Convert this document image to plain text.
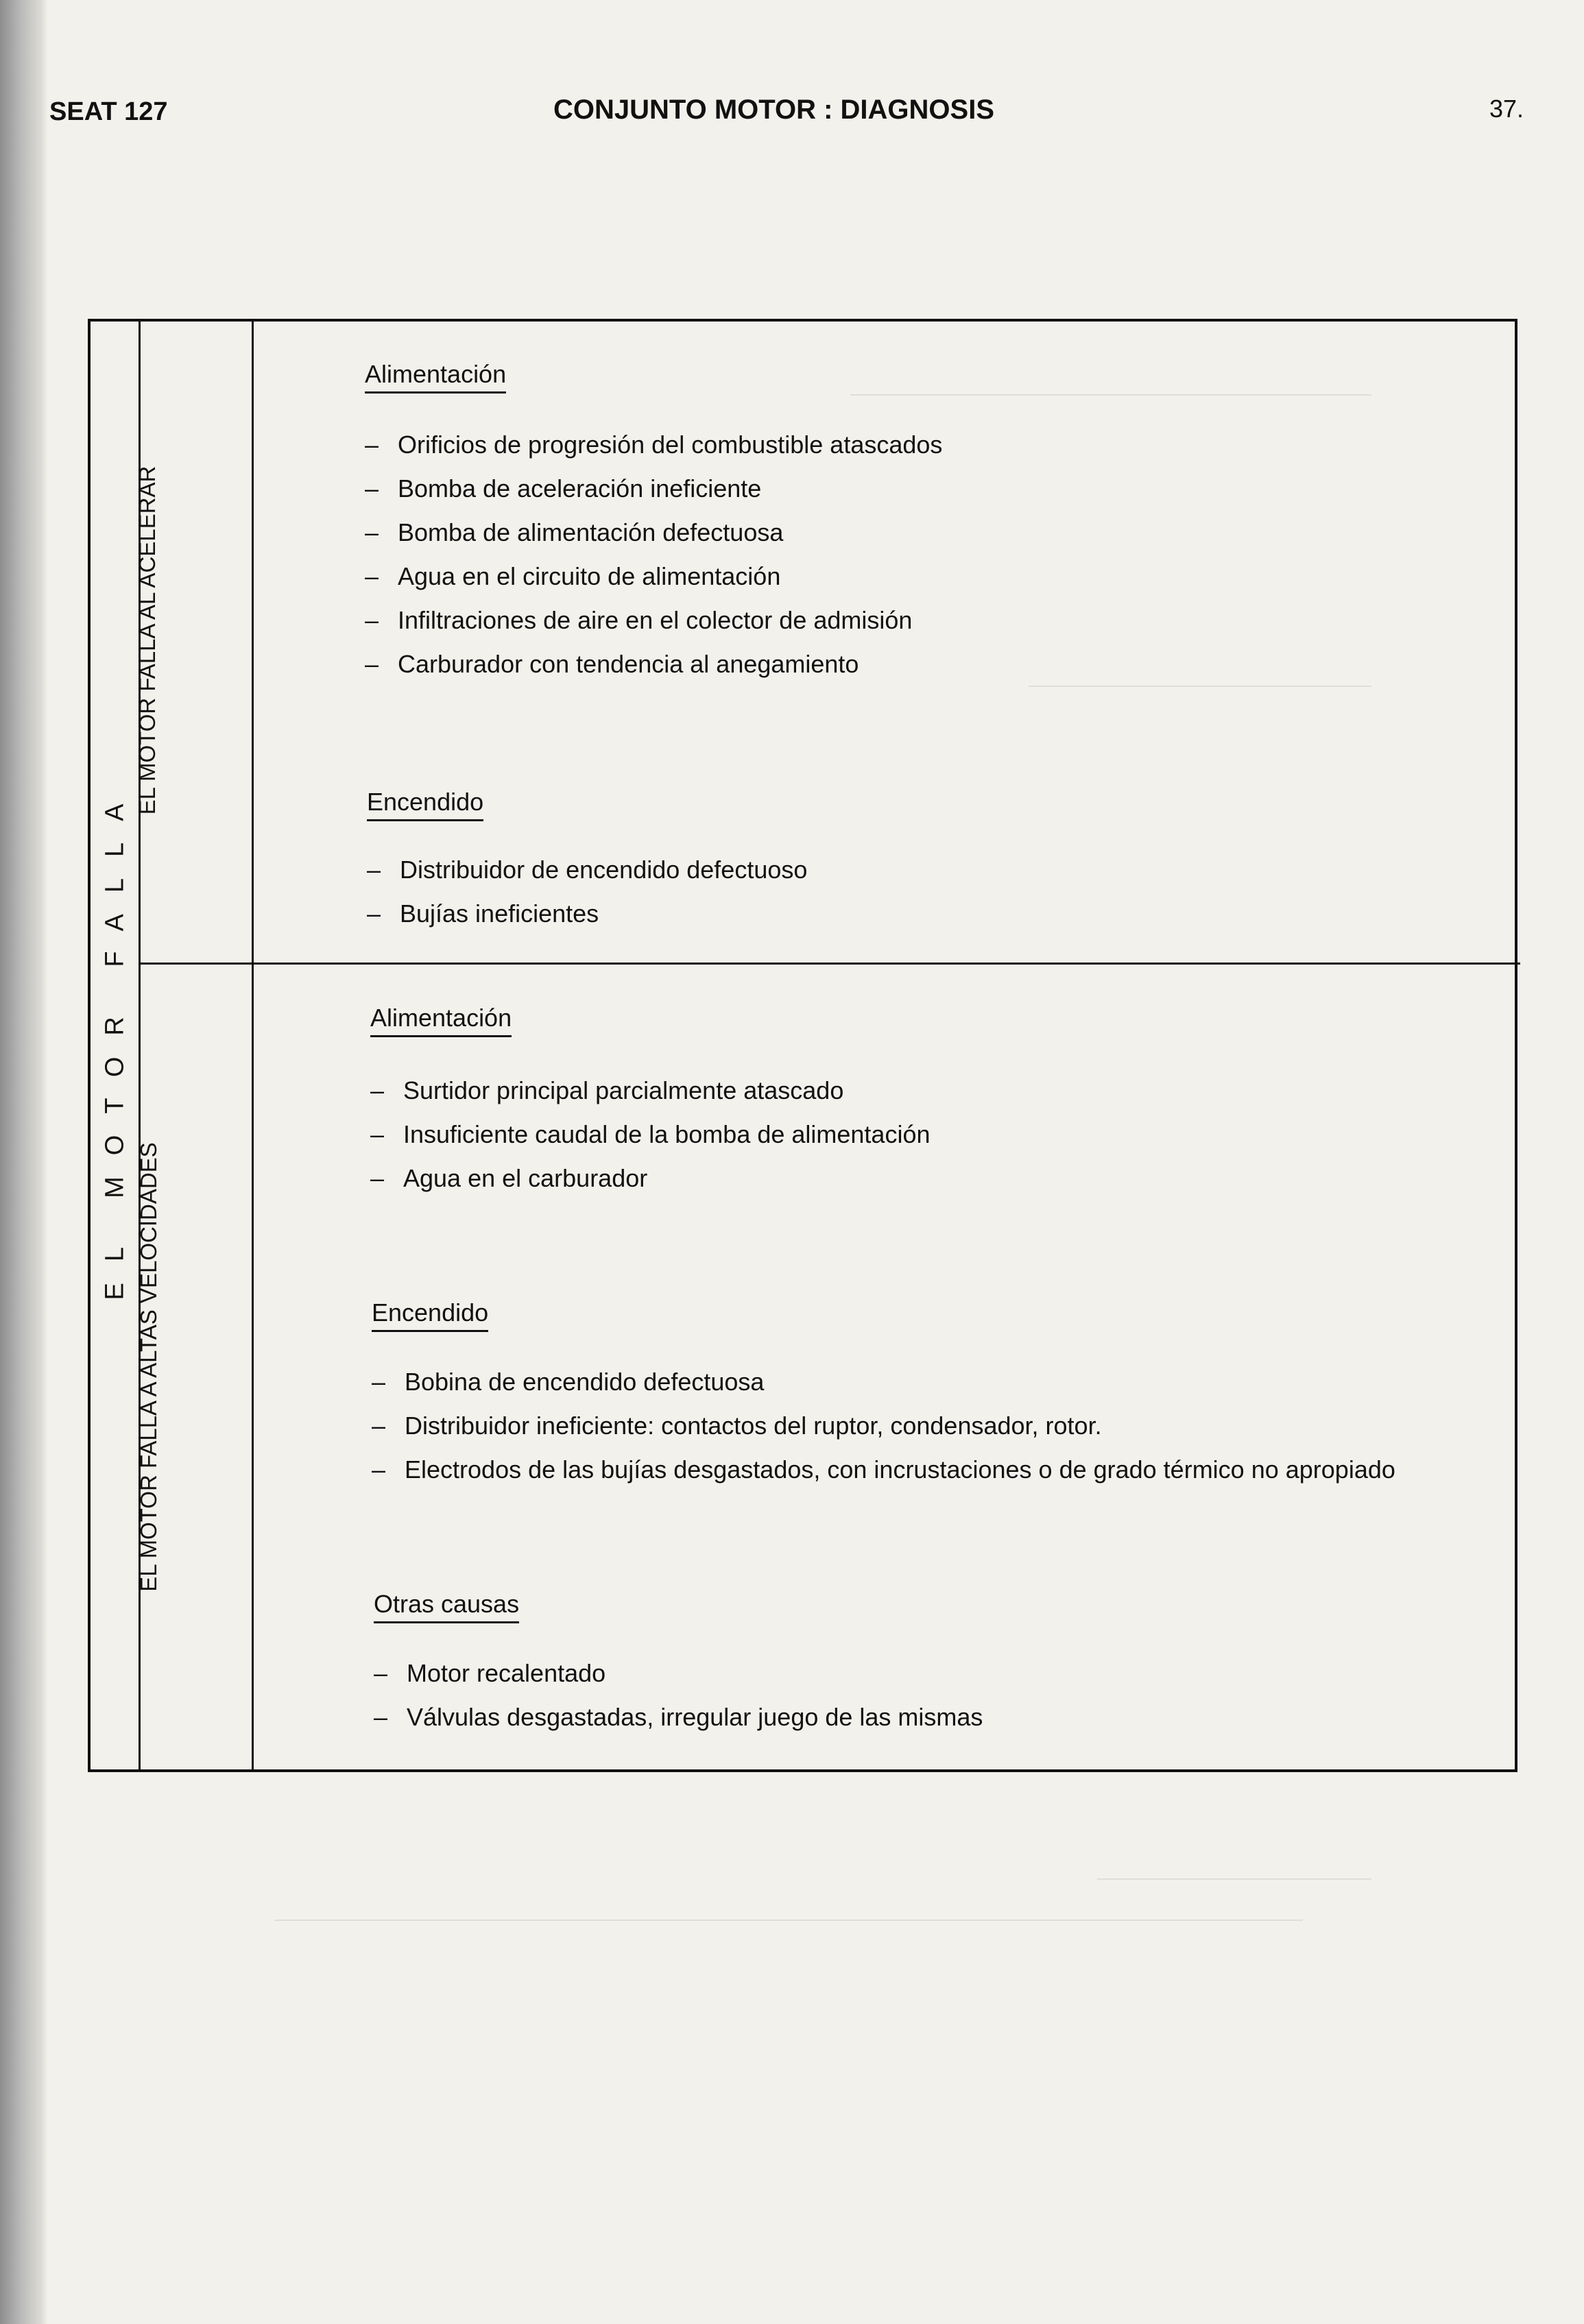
SEAT 127	CONJUNTO MOTOR : DIAGNOSIS	37.
EL MOTOR FALLA
EL MOTOR FALLA AL ACELERAR
EL MOTOR FALLA A ALTAS VELOCIDADES
Alimentación
– Orificios de progresión del combustible atascados
– Bomba de aceleración ineficiente
– Bomba de alimentación defectuosa
– Agua en el circuito de alimentación
– Infiltraciones de aire en el colector de admisión
– Carburador con tendencia al anegamiento
Encendido
– Distribuidor de encendido defectuoso
– Bujías ineficientes
Alimentación
– Surtidor principal parcialmente atascado
– Insuficiente caudal de la bomba de alimentación
– Agua en el carburador
Encendido
– Bobina de encendido defectuosa
– Distribuidor ineficiente: contactos del ruptor, condensador, rotor.
– Electrodos de las bujías desgastados, con incrustaciones o de grado térmico no apropiado
Otras causas
– Motor recalentado
– Válvulas desgastadas, irregular juego de las mismas
